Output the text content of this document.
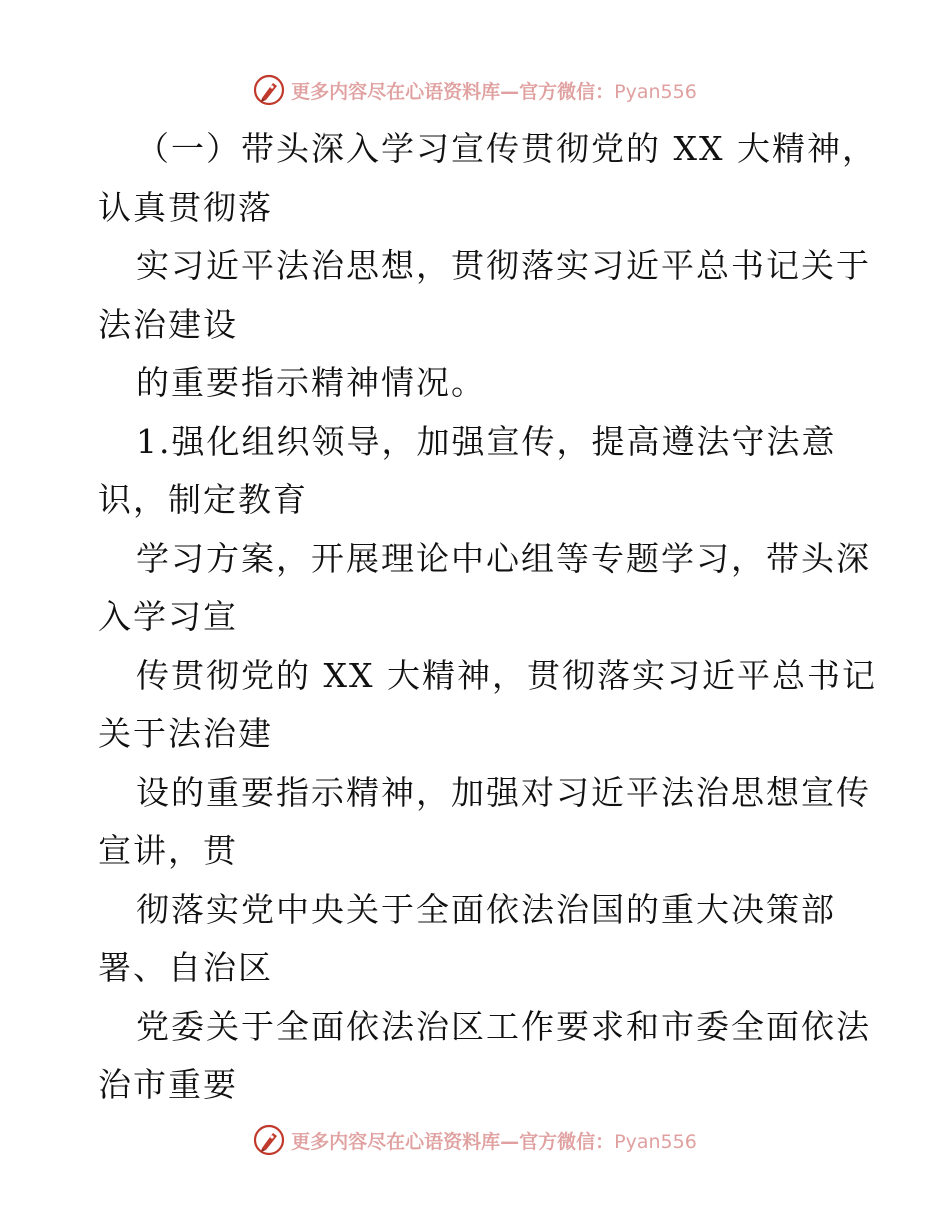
更多内容尽在心语资料库—官方微信：Pyan556
（一）带头深入学习宣传贯彻党的 XX 大精神，
认真贯彻落
实习近平法治思想，贯彻落实习近平总书记关于
法治建设
的重要指示精神情况。
1.强化组织领导，加强宣传，提高遵法守法意
识，制定教育
学习方案，开展理论中心组等专题学习，带头深
入学习宣
传贯彻党的 XX 大精神，贯彻落实习近平总书记
关于法治建
设的重要指示精神，加强对习近平法治思想宣传
宣讲，贯
彻落实党中央关于全面依法治国的重大决策部
署、自治区
党委关于全面依法治区工作要求和市委全面依法
治市重要
更多内容尽在心语资料库—官方微信：Pyan556
